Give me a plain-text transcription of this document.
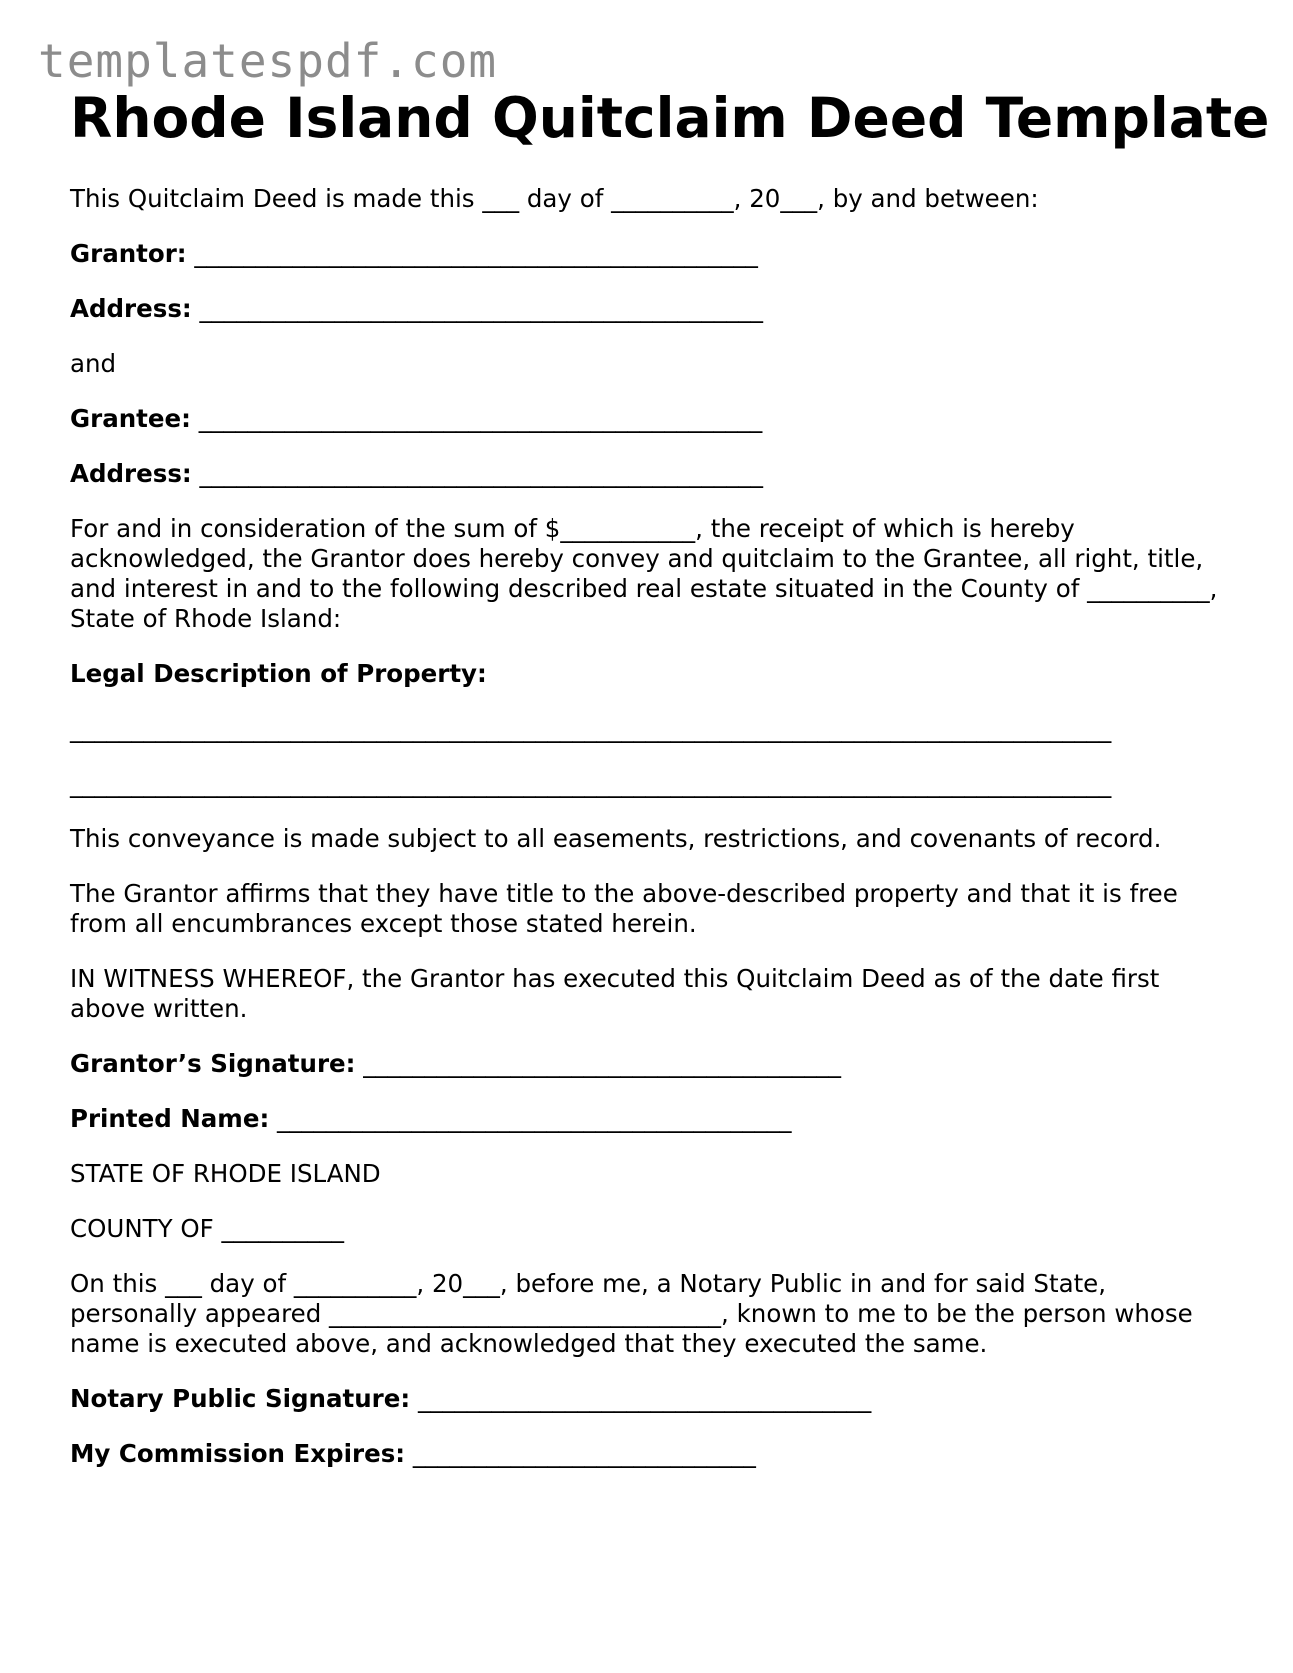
templatespdf.com
Rhode Island Quitclaim Deed Template

This Quitclaim Deed is made this ___ day of __________, 20___, by and between:

Grantor: ______________________________________________

Address: ______________________________________________

and

Grantee: ______________________________________________

Address: ______________________________________________

For and in consideration of the sum of $___________, the receipt of which is hereby acknowledged, the Grantor does hereby convey and quitclaim to the Grantee, all right, title, and interest in and to the following described real estate situated in the County of __________, State of Rhode Island:

Legal Description of Property:

_____________________________________________________________________________________
_____________________________________________________________________________________

This conveyance is made subject to all easements, restrictions, and covenants of record.

The Grantor affirms that they have title to the above-described property and that it is free from all encumbrances except those stated herein.

IN WITNESS WHEREOF, the Grantor has executed this Quitclaim Deed as of the date first above written.

Grantor’s Signature: _______________________________________

Printed Name: __________________________________________

STATE OF RHODE ISLAND

COUNTY OF __________

On this ___ day of __________, 20___, before me, a Notary Public in and for said State, personally appeared ________________________________, known to me to be the person whose name is executed above, and acknowledged that they executed the same.

Notary Public Signature: _____________________________________

My Commission Expires: ____________________________
